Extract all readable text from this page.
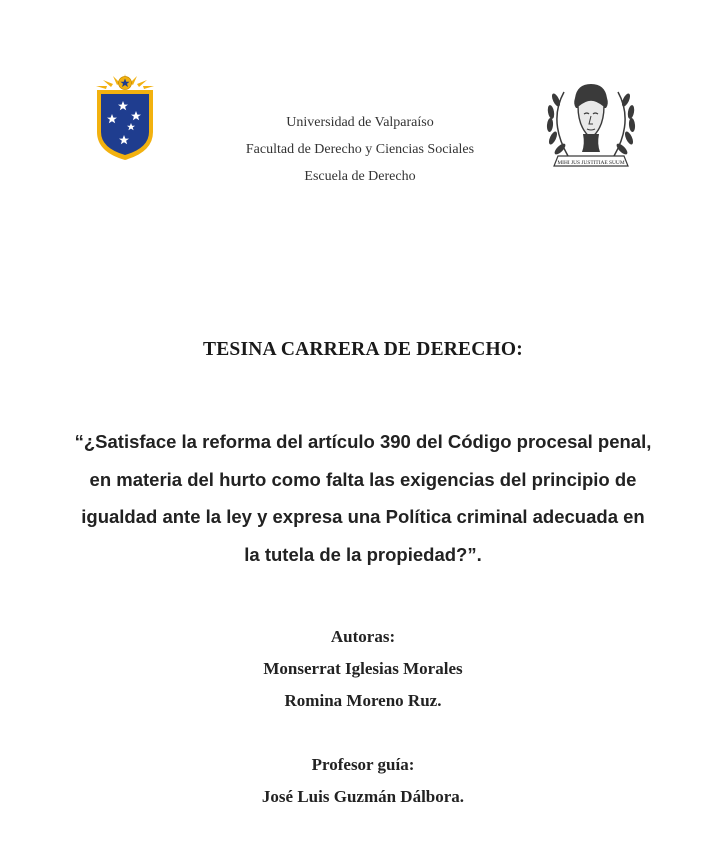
Universidad de Valparaíso
Facultad de Derecho y Ciencias Sociales
Escuela de Derecho
MIHI JUS JUSTITIAE SUUM
TESINA CARRERA DE DERECHO:
“¿Satisface la reforma del artículo 390 del Código procesal penal,
en materia del hurto como falta las exigencias del principio de
igualdad ante la ley y expresa una Política criminal adecuada en
la tutela de la propiedad?”.
Autoras:
Monserrat Iglesias Morales
Romina Moreno Ruz.
Profesor guía:
José Luis Guzmán Dálbora.
